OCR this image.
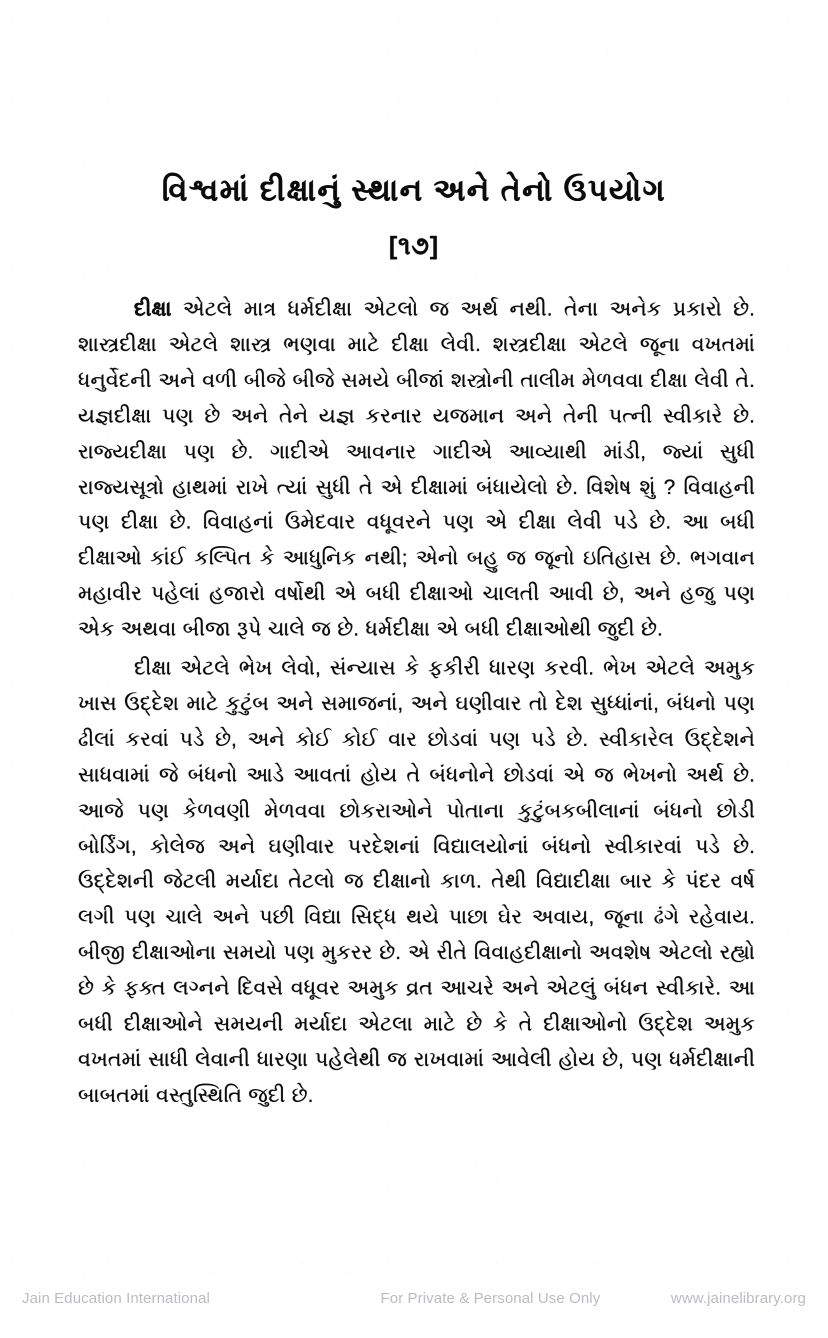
વિશ્વમાં દીક્ષાનું સ્થાન અને તેનો ઉપયોગ
[૧૭]

દીક્ષા એટલે માત્ર ધર્મદીક્ષા એટલો જ અર્થ નથી. તેના અનેક પ્રકારો છે. શાસ્ત્રદીક્ષા એટલે શાસ્ત્ર ભણવા માટે દીક્ષા લેવી. શસ્ત્રદીક્ષા એટલે જૂના વખતમાં ધનુર્વેદની અને વળી બીજે બીજે સમયે બીજાં શસ્ત્રોની તાલીમ મેળવવા દીક્ષા લેવી તે. યજ્ઞદીક્ષા પણ છે અને તેને યજ્ઞ કરનાર યજમાન અને તેની પત્ની સ્વીકારે છે. રાજ્યદીક્ષા પણ છે. ગાદીએ આવનાર ગાદીએ આવ્યાથી માંડી, જ્યાં સુધી રાજ્યસૂત્રો હાથમાં રાખે ત્યાં સુધી તે એ દીક્ષામાં બંધાયેલો છે. વિશેષ શું ? વિવાહની પણ દીક્ષા છે. વિવાહનાં ઉમેદવાર વધૂવરને પણ એ દીક્ષા લેવી પડે છે. આ બધી દીક્ષાઓ કાંઈ કલ્પિત કે આધુનિક નથી; એનો બહુ જ જૂનો ઇતિહાસ છે. ભગવાન મહાવીર પહેલાં હજારો વર્ષોથી એ બધી દીક્ષાઓ ચાલતી આવી છે, અને હજુ પણ એક અથવા બીજા રૂપે ચાલે જ છે. ધર્મદીક્ષા એ બધી દીક્ષાઓથી જુદી છે.

દીક્ષા એટલે ભેખ લેવો, સંન્યાસ કે ફકીરી ધારણ કરવી. ભેખ એટલે અમુક ખાસ ઉદ્દેશ માટે કુટુંબ અને સમાજનાં, અને ઘણીવાર તો દેશ સુધ્ધાંનાં, બંધનો પણ ઢીલાં કરવાં પડે છે, અને કોઈ કોઈ વાર છોડવાં પણ પડે છે. સ્વીકારેલ ઉદ્દેશને સાધવામાં જે બંધનો આડે આવતાં હોય તે બંધનોને છોડવાં એ જ ભેખનો અર્થ છે. આજે પણ કેળવણી મેળવવા છોકરાઓને પોતાના કુટુંબકબીલાનાં બંધનો છોડી બોર્ડિંગ, કોલેજ અને ઘણીવાર પરદેશનાં વિદ્યાલયોનાં બંધનો સ્વીકારવાં પડે છે. ઉદ્દેશની જેટલી મર્યાદા તેટલો જ દીક્ષાનો કાળ. તેથી વિદ્યાદીક્ષા બાર કે પંદર વર્ષ લગી પણ ચાલે અને પછી વિદ્યા સિદ્ધ થયે પાછા ઘેર અવાય, જૂના ઢંગે રહેવાય. બીજી દીક્ષાઓના સમયો પણ મુકરર છે. એ રીતે વિવાહદીક્ષાનો અવશેષ એટલો રહ્યો છે કે ફક્ત લગ્નને દિવસે વધૂવર અમુક વ્રત આચરે અને એટલું બંધન સ્વીકારે. આ બધી દીક્ષાઓને સમયની મર્યાદા એટલા માટે છે કે તે દીક્ષાઓનો ઉદ્દેશ અમુક વખતમાં સાધી લેવાની ધારણા પહેલેથી જ રાખવામાં આવેલી હોય છે, પણ ધર્મદીક્ષાની બાબતમાં વસ્તુસ્થિતિ જુદી છે.

Jain Education International	For Private & Personal Use Only	www.jainelibrary.org
